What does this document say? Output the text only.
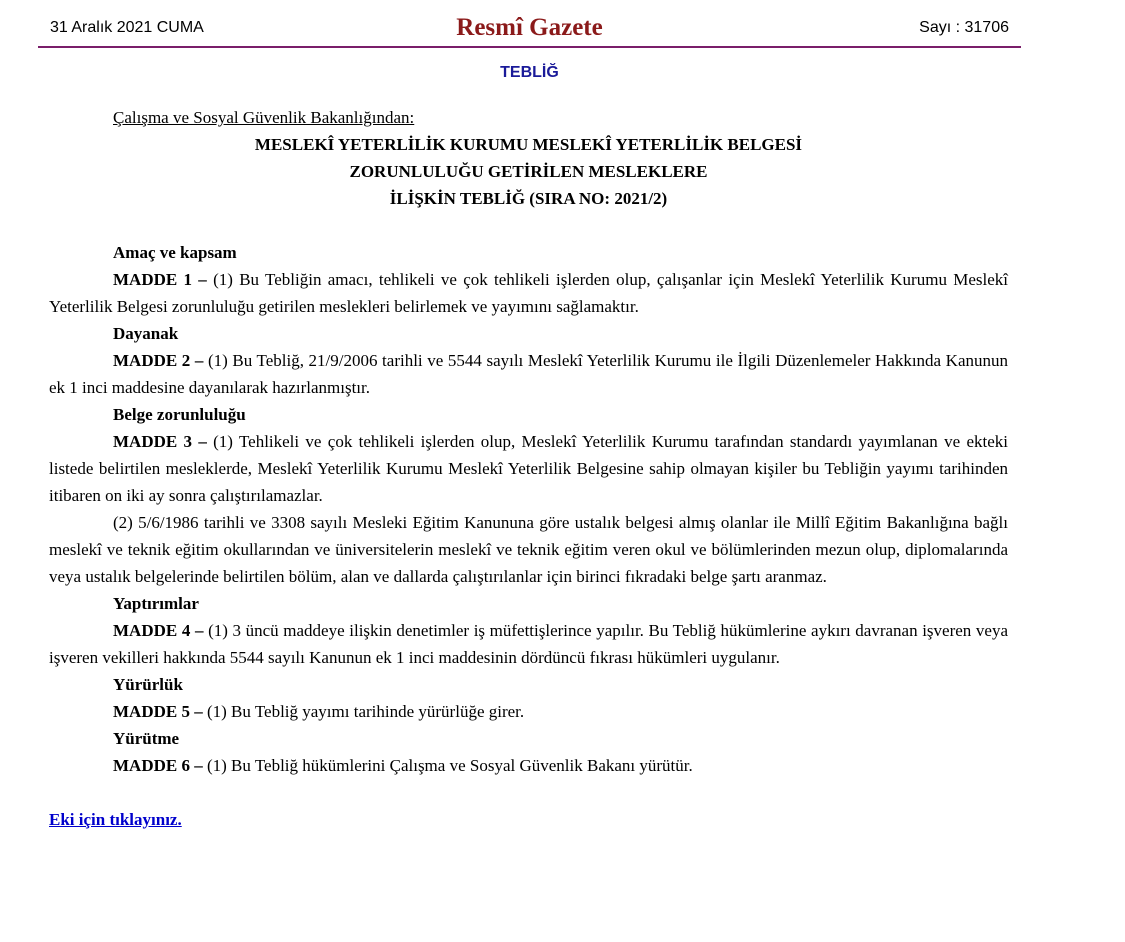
31 Aralık 2021 CUMA	Resmî Gazete	Sayı : 31706
TEBLİĞ

Çalışma ve Sosyal Güvenlik Bakanlığından:

MESLEKÎ YETERLİLİK KURUMU MESLEKÎ YETERLİLİK BELGESİ
ZORUNLULUĞU GETİRİLEN MESLEKLERE
İLİŞKİN TEBLİĞ (SIRA NO: 2021/2)

Amaç ve kapsam

MADDE 1 – (1) Bu Tebliğin amacı, tehlikeli ve çok tehlikeli işlerden olup, çalışanlar için Meslekî Yeterlilik Kurumu Meslekî Yeterlilik Belgesi zorunluluğu getirilen meslekleri belirlemek ve yayımını sağlamaktır.

Dayanak

MADDE 2 – (1) Bu Tebliğ, 21/9/2006 tarihli ve 5544 sayılı Meslekî Yeterlilik Kurumu ile İlgili Düzenlemeler Hakkında Kanunun ek 1 inci maddesine dayanılarak hazırlanmıştır.

Belge zorunluluğu

MADDE 3 – (1) Tehlikeli ve çok tehlikeli işlerden olup, Meslekî Yeterlilik Kurumu tarafından standardı yayımlanan ve ekteki listede belirtilen mesleklerde, Meslekî Yeterlilik Kurumu Meslekî Yeterlilik Belgesine sahip olmayan kişiler bu Tebliğin yayımı tarihinden itibaren on iki ay sonra çalıştırılamazlar.

(2) 5/6/1986 tarihli ve 3308 sayılı Mesleki Eğitim Kanununa göre ustalık belgesi almış olanlar ile Millî Eğitim Bakanlığına bağlı meslekî ve teknik eğitim okullarından ve üniversitelerin meslekî ve teknik eğitim veren okul ve bölümlerinden mezun olup, diplomalarında veya ustalık belgelerinde belirtilen bölüm, alan ve dallarda çalıştırılanlar için birinci fıkradaki belge şartı aranmaz.

Yaptırımlar

MADDE 4 – (1) 3 üncü maddeye ilişkin denetimler iş müfettişlerince yapılır. Bu Tebliğ hükümlerine aykırı davranan işveren veya işveren vekilleri hakkında 5544 sayılı Kanunun ek 1 inci maddesinin dördüncü fıkrası hükümleri uygulanır.

Yürürlük

MADDE 5 – (1) Bu Tebliğ yayımı tarihinde yürürlüğe girer.

Yürütme

MADDE 6 – (1) Bu Tebliğ hükümlerini Çalışma ve Sosyal Güvenlik Bakanı yürütür.

Eki için tıklayınız.
